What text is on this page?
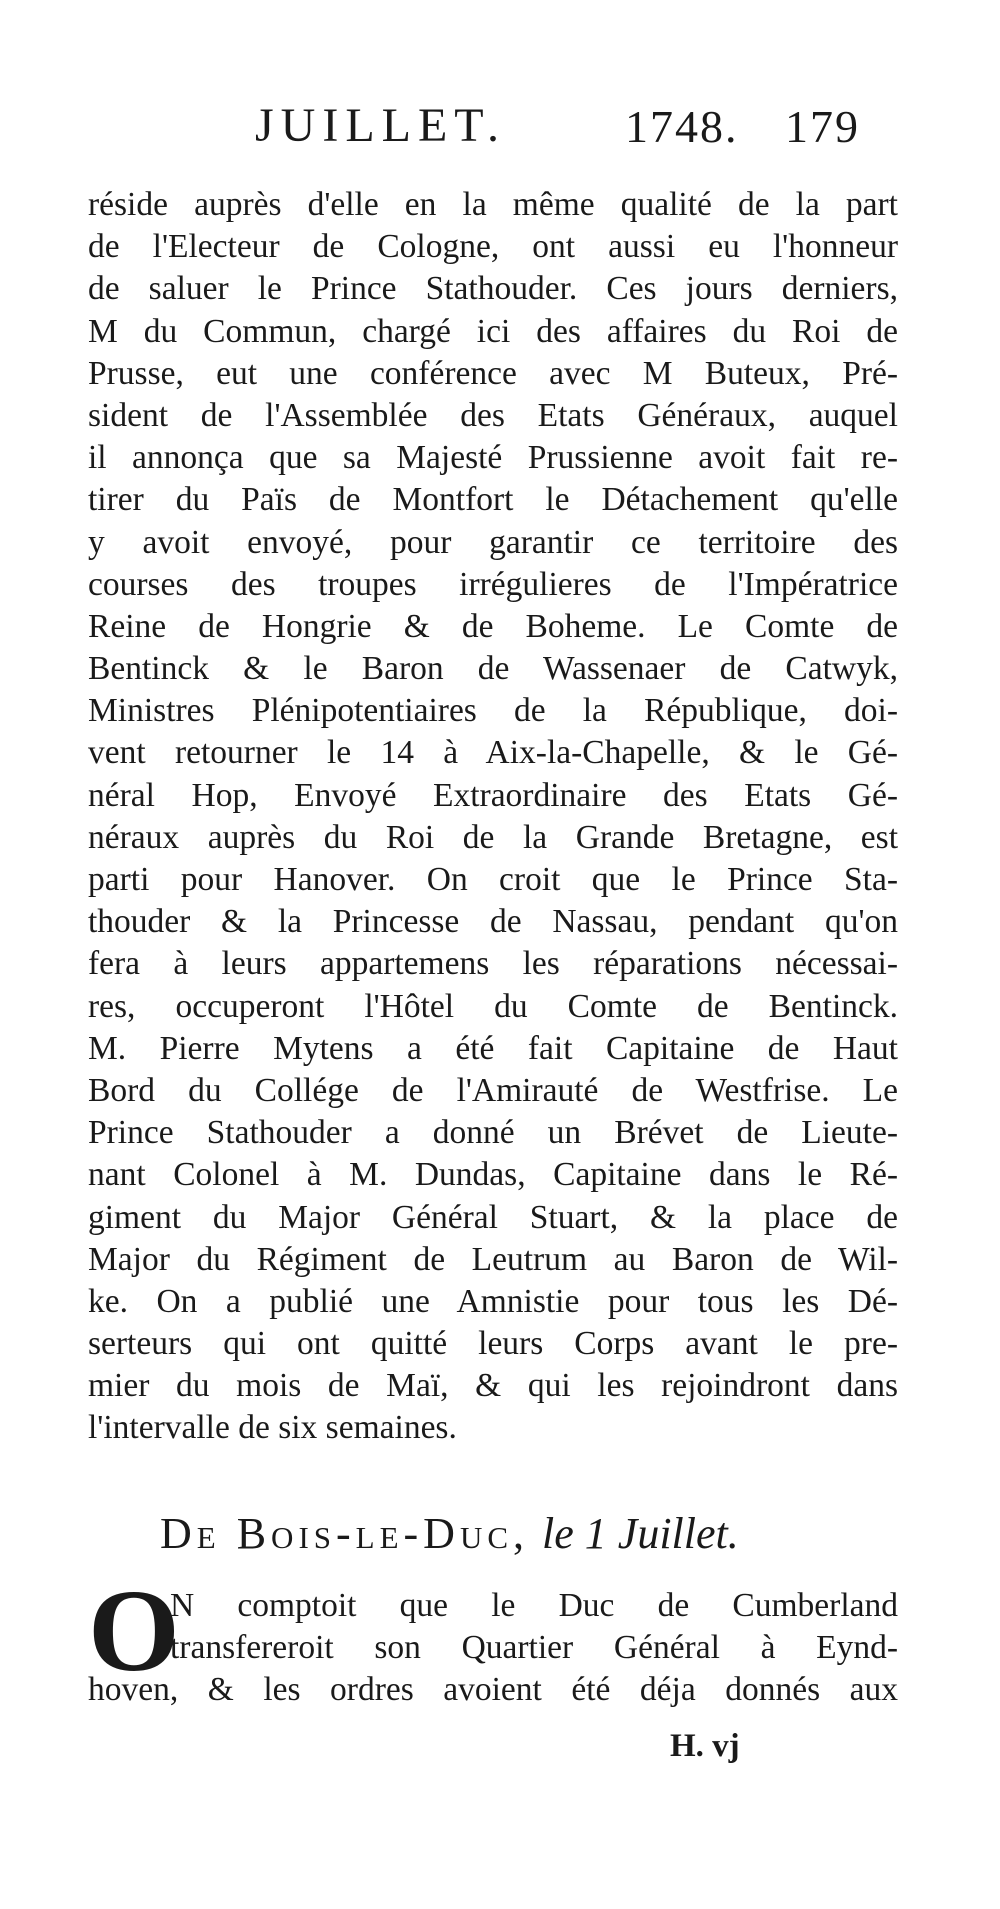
JUILLET.	1748. 179
réside auprès d'elle en la même qualité de la part
de l'Electeur de Cologne, ont aussi eu l'honneur
de saluer le Prince Stathouder. Ces jours derniers,
M du Commun, chargé ici des affaires du Roi de
Prusse, eut une conférence avec M Buteux, Pré-
sident de l'Assemblée des Etats Généraux, auquel
il annonça que sa Majesté Prussienne avoit fait re-
tirer du Païs de Montfort le Détachement qu'elle
y avoit envoyé, pour garantir ce territoire des
courses des troupes irrégulieres de l'Impératrice
Reine de Hongrie & de Boheme. Le Comte de
Bentinck & le Baron de Wassenaer de Catwyk,
Ministres Plénipotentiaires de la République, doi-
vent retourner le 14 à Aix-la-Chapelle, & le Gé-
néral Hop, Envoyé Extraordinaire des Etats Gé-
néraux auprès du Roi de la Grande Bretagne, est
parti pour Hanover. On croit que le Prince Sta-
thouder & la Princesse de Nassau, pendant qu'on
fera à leurs appartemens les réparations nécessai-
res, occuperont l'Hôtel du Comte de Bentinck.
M. Pierre Mytens a été fait Capitaine de Haut
Bord du Collége de l'Amirauté de Westfrise. Le
Prince Stathouder a donné un Brévet de Lieute-
nant Colonel à M. Dundas, Capitaine dans le Ré-
giment du Major Général Stuart, & la place de
Major du Régiment de Leutrum au Baron de Wil-
ke. On a publié une Amnistie pour tous les Dé-
serteurs qui ont quitté leurs Corps avant le pre-
mier du mois de Maï, & qui les rejoindront dans
l'intervalle de six semaines.
De Bois-le-Duc, le 1 Juillet.
O
N comptoit que le Duc de Cumberland
transfereroit son Quartier Général à Eynd-
hoven, & les ordres avoient été déja donnés aux
H. vj
